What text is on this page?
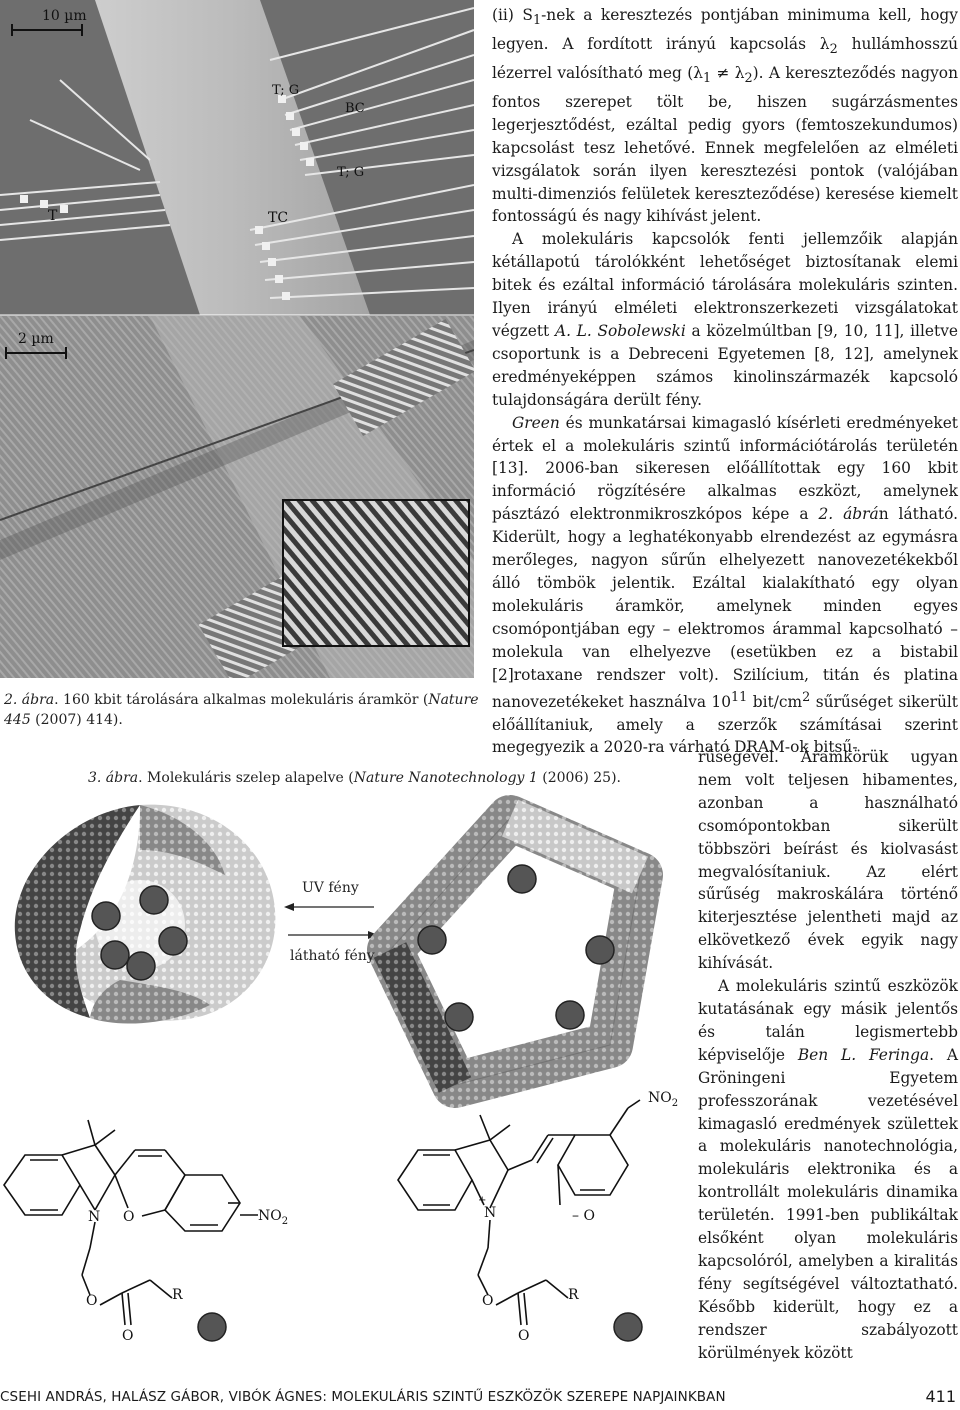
10 µm
2 µm
T; G
BC
T; G
T	TC
2. ábra. 160 kbit tárolására alkalmas molekuláris áramkör (Nature
445 (2007) 414).

(ii) $S_1$-nek a keresztezés pontjában minimuma kell, hogy legyen. A fordított irányú kapcsolás $\lambda_2$ hullámhosszú lézerrel valósítható meg $(\lambda_1 \ne \lambda_2)$. A kereszteződés nagyon fontos szerepet tölt be, hiszen sugárzásmentes legerjesztődést, ezáltal pedig gyors (femtoszekundumos) kapcsolást tesz lehetővé. Ennek megfelelően az elméleti vizsgálatok során ilyen keresztezési pontok (valójában multi-dimenziós felületek kereszteződése) keresése kiemelt fontosságú és nagy kihívást jelent.

A molekuláris kapcsolók fenti jellemzőik alapján kétállapotú tárolókként lehetőséget biztosítanak elemi bitek és ezáltal információ tárolására molekuláris szinten. Ilyen irányú elméleti elektronszerkezeti vizsgálatokat végzett A. L. Sobolewski a közelmúltban [9, 10, 11], illetve csoportunk is a Debreceni Egyetemen [8, 12], amelynek eredményeképpen számos kinolinszármazék kapcsoló tulajdonságára derült fény.

Green és munkatársai kimagasló kísérleti eredményeket értek el a molekuláris szintű információtárolás területén [13]. 2006-ban sikeresen előállítottak egy 160 kbit információ rögzítésére alkalmas eszközt, amelynek pásztázó elektronmikroszkópos képe a 2. ábrán látható. Kiderült, hogy a leghatékonyabb elrendezést az egymásra merőleges, nagyon sűrűn elhelyezett nanovezetékekből álló tömbök jelentik. Ezáltal kialakítható egy olyan molekuláris áramkör, amelynek minden egyes csomópontjában egy – elektromos árammal kapcsolható – molekula van elhelyezve (esetükben ez a bistabil [2]rotaxane rendszer volt). Szilícium, titán és platina nanovezetékeket használva $10^{11}$ bit/$cm^2$ sűrűséget sikerült előállítaniuk, amely a szerzők számításai szerint megegyezik a 2020-ra várható DRAM-ok bitsű-

rűségével. Áramkörük ugyan nem volt teljesen hibamentes, azonban a használható csomópontokban sikerült többszöri beírást és kiolvasást megvalósítaniuk. Az elért sűrűség makroskálára történő kiterjesztése jelentheti majd az elkövetkező évek egyik nagy kihívását.

A molekuláris szintű eszközök kutatásának egy másik jelentős és talán legismertebb képviselője Ben L. Feringa. A Gröningeni Egyetem professzorának vezetésével kimagasló eredmények születtek a molekuláris nanotechnológia, molekuláris elektronika és a kontrollált molekuláris dinamika területén. 1991-ben publikáltak elsőként olyan molekuláris kapcsolóról, amelyben a kiralitás fény segítségével változtatható. Később kiderült, hogy ez a rendszer szabályozott körülmények között

3. ábra. Molekuláris szelep alapelve (Nature Nanotechnology 1 (2006) 25).
UV fény
látható fény
N O	$NO_2$
O	R
O
N
+
– O
$NO_2$
O	R
O
CSEHI ANDRÁS, HALÁSZ GÁBOR, VIBÓK ÁGNES: MOLEKULÁRIS SZINTŰ ESZKÖZÖK SZEREPE NAPJAINKBAN	411
